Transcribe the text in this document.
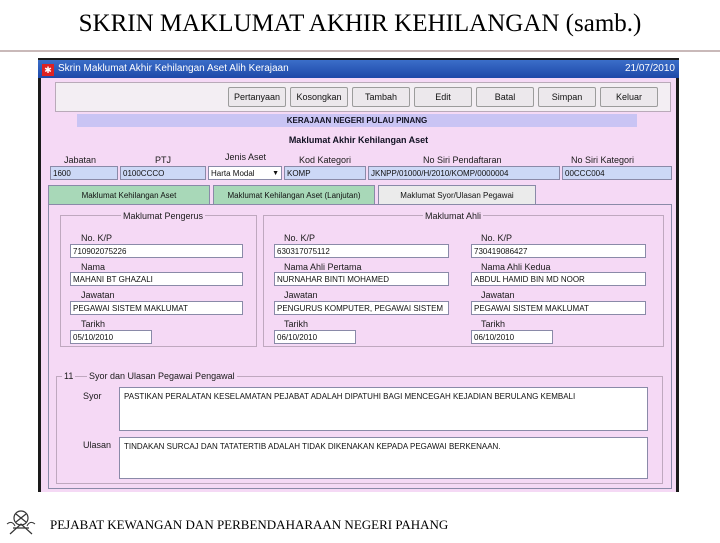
SKRIN MAKLUMAT AKHIR KEHILANGAN (samb.)
✱ Skrin Maklumat Akhir Kehilangan Aset Alih Kerajaan	21/07/2010
Pertanyaan	Kosongkan	Tambah	Edit	Batal	Simpan	Keluar
KERAJAAN NEGERI PULAU PINANG
Maklumat Akhir Kehilangan Aset
Jabatan	PTJ	Jenis Aset	Kod Kategori	No Siri Pendaftaran	No Siri Kategori
1600	0100CCCO	Harta Modal ▼	KOMP	JKNPP/01000/H/2010/KOMP/0000004	00CCC004
Maklumat Kehilangan Aset	Maklumat Kehilangan Aset (Lanjutan)	Maklumat Syor/Ulasan Pegawai
Maklumat Pengerus
No. K/P
710902075226
Nama
MAHANI BT GHAZALI
Jawatan
PEGAWAI SISTEM MAKLUMAT
Tarikh
05/10/2010
Maklumat Ahli
No. K/P
630317075112
Nama Ahli Pertama
NURNAHAR BINTI MOHAMED
Jawatan
PENGURUS KOMPUTER, PEGAWAI SISTEM
Tarikh
06/10/2010
No. K/P
730419086427
Nama Ahli Kedua
ABDUL HAMID BIN MD NOOR
Jawatan
PEGAWAI SISTEM MAKLUMAT
Tarikh
06/10/2010
11 Syor dan Ulasan Pegawai Pengawal
Syor	PASTIKAN PERALATAN KESELAMATAN PEJABAT ADALAH DIPATUHI BAGI MENCEGAH KEJADIAN BERULANG KEMBALI
Ulasan	TINDAKAN SURCAJ DAN TATATERTIB ADALAH TIDAK DIKENAKAN KEPADA PEGAWAI BERKENAAN.
PEJABAT KEWANGAN DAN PERBENDAHARAAN NEGERI PAHANG
